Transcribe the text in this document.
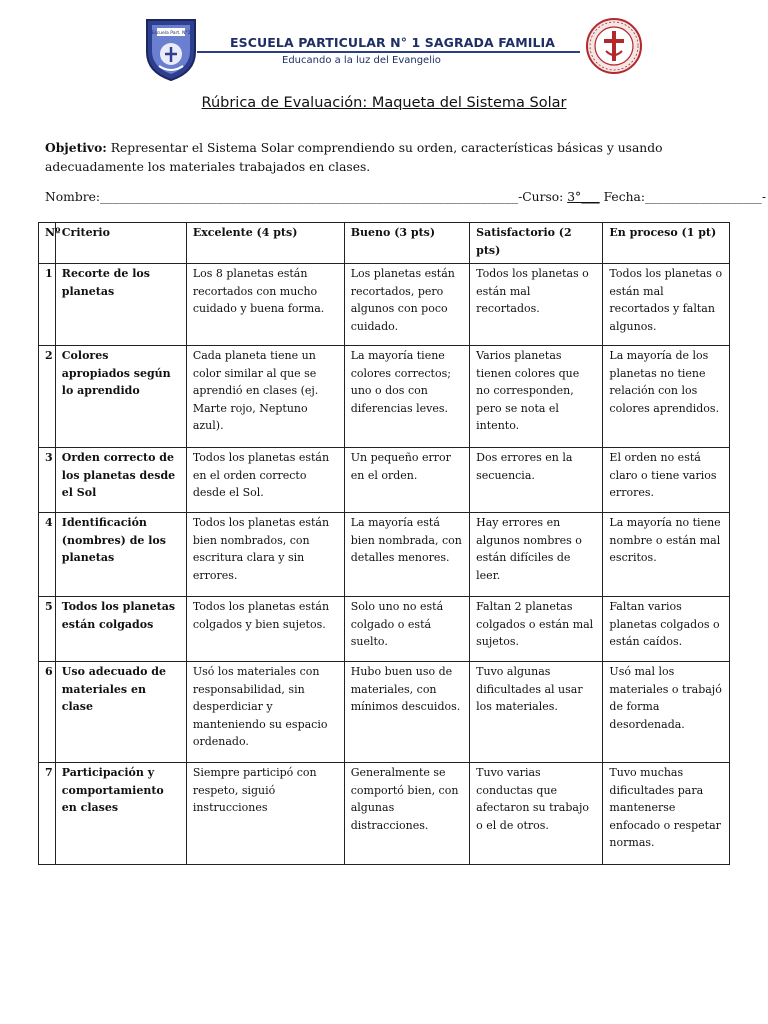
Escuela Part. N°1
ESCUELA PARTICULAR N° 1 SAGRADA FAMILIA
Educando a la luz del Evangelio
Rúbrica de Evaluación: Maqueta del Sistema Solar
Objetivo: Representar el Sistema Solar comprendiendo su orden, características básicas y usando adecuadamente los materiales trabajados en clases.
Nombre:____________________________________________________________________-Curso: 3°___ Fecha:___________________-
Nº	Criterio	Excelente (4 pts)	Bueno (3 pts)	Satisfactorio (2 pts)	En proceso (1 pt)
1	Recorte de los planetas	Los 8 planetas están recortados con mucho cuidado y buena forma.	Los planetas están recortados, pero algunos con poco cuidado.	Todos los planetas o están mal recortados.	Todos los planetas o están mal recortados y faltan algunos.
2	Colores apropiados según lo aprendido	Cada planeta tiene un color similar al que se aprendió en clases (ej. Marte rojo, Neptuno azul).	La mayoría tiene colores correctos; uno o dos con diferencias leves.	Varios planetas tienen colores que no corresponden, pero se nota el intento.	La mayoría de los planetas no tiene relación con los colores aprendidos.
3	Orden correcto de los planetas desde el Sol	Todos los planetas están en el orden correcto desde el Sol.	Un pequeño error en el orden.	Dos errores en la secuencia.	El orden no está claro o tiene varios errores.
4	Identificación (nombres) de los planetas	Todos los planetas están bien nombrados, con escritura clara y sin errores.	La mayoría está bien nombrada, con detalles menores.	Hay errores en algunos nombres o están difíciles de leer.	La mayoría no tiene nombre o están mal escritos.
5	Todos los planetas están colgados	Todos los planetas están colgados y bien sujetos.	Solo uno no está colgado o está suelto.	Faltan 2 planetas colgados o están mal sujetos.	Faltan varios planetas colgados o están caídos.
6	Uso adecuado de materiales en clase	Usó los materiales con responsabilidad, sin desperdiciar y manteniendo su espacio ordenado.	Hubo buen uso de materiales, con mínimos descuidos.	Tuvo algunas dificultades al usar los materiales.	Usó mal los materiales o trabajó de forma desordenada.
7	Participación y comportamiento en clases	Siempre participó con respeto, siguió instrucciones	Generalmente se comportó bien, con algunas distracciones.	Tuvo varias conductas que afectaron su trabajo o el de otros.	Tuvo muchas dificultades para mantenerse enfocado o respetar normas.
